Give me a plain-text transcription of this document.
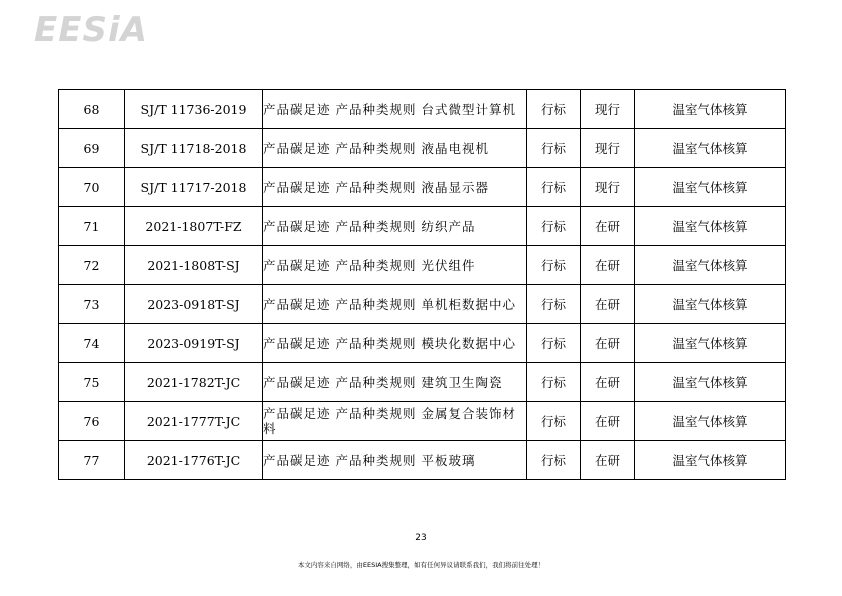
EESiA
68	SJ/T 11736-2019	产品碳足迹 产品种类规则 台式微型计算机	行标	现行	温室气体核算
69	SJ/T 11718-2018	产品碳足迹 产品种类规则 液晶电视机	行标	现行	温室气体核算
70	SJ/T 11717-2018	产品碳足迹 产品种类规则 液晶显示器	行标	现行	温室气体核算
71	2021-1807T-FZ	产品碳足迹 产品种类规则 纺织产品	行标	在研	温室气体核算
72	2021-1808T-SJ	产品碳足迹 产品种类规则 光伏组件	行标	在研	温室气体核算
73	2023-0918T-SJ	产品碳足迹 产品种类规则 单机柜数据中心	行标	在研	温室气体核算
74	2023-0919T-SJ	产品碳足迹 产品种类规则 模块化数据中心	行标	在研	温室气体核算
75	2021-1782T-JC	产品碳足迹 产品种类规则 建筑卫生陶瓷	行标	在研	温室气体核算
76	2021-1777T-JC	产品碳足迹 产品种类规则 金属复合装饰材料	行标	在研	温室气体核算
77	2021-1776T-JC	产品碳足迹 产品种类规则 平板玻璃	行标	在研	温室气体核算
23
本文内容来自网络，由EESIA搜集整理，如有任何异议请联系我们，我们将前往处理！
